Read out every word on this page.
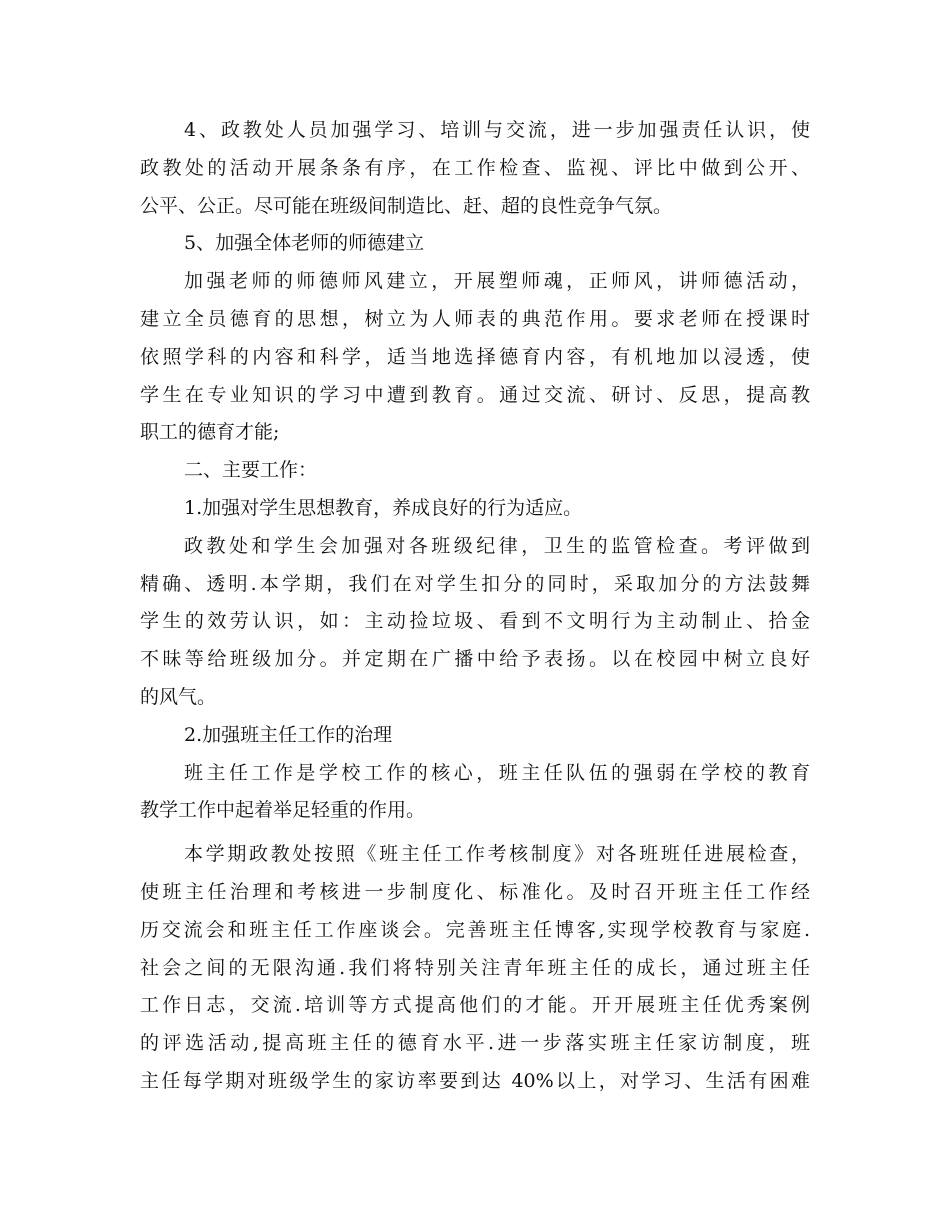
4、政教处人员加强学习、培训与交流，进一步加强责任认识，使
政教处的活动开展条条有序，在工作检查、监视、评比中做到公开、
公平、公正。尽可能在班级间制造比、赶、超的良性竞争气氛。
5、加强全体老师的师德建立
加强老师的师德师风建立，开展塑师魂，正师风，讲师德活动，
建立全员德育的思想，树立为人师表的典范作用。要求老师在授课时
依照学科的内容和科学，适当地选择德育内容，有机地加以浸透，使
学生在专业知识的学习中遭到教育。通过交流、研讨、反思，提高教
职工的德育才能;
二、主要工作：
1.加强对学生思想教育，养成良好的行为适应。
政教处和学生会加强对各班级纪律，卫生的监管检查。考评做到
精确、透明.本学期，我们在对学生扣分的同时，采取加分的方法鼓舞
学生的效劳认识，如：主动捡垃圾、看到不文明行为主动制止、拾金
不昧等给班级加分。并定期在广播中给予表扬。以在校园中树立良好
的风气。
2.加强班主任工作的治理
班主任工作是学校工作的核心，班主任队伍的强弱在学校的教育
教学工作中起着举足轻重的作用。
本学期政教处按照《班主任工作考核制度》对各班班任进展检查，
使班主任治理和考核进一步制度化、标准化。及时召开班主任工作经
历交流会和班主任工作座谈会。完善班主任博客,实现学校教育与家庭.
社会之间的无限沟通.我们将特别关注青年班主任的成长，通过班主任
工作日志，交流.培训等方式提高他们的才能。开开展班主任优秀案例
的评选活动,提高班主任的德育水平.进一步落实班主任家访制度，班
主任每学期对班级学生的家访率要到达 40%以上，对学习、生活有困难
